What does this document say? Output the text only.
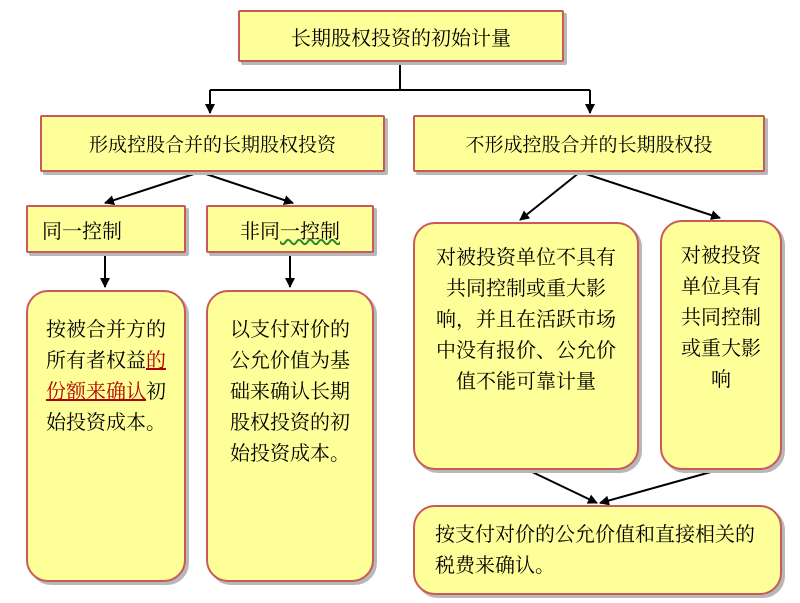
长期股权投资的初始计量
形成控股合并的长期股权投资	不形成控股合并的长期股权投
同一控制	非同一控制
按被合并方的所有者权益的份额来确认初始投资成本。
以支付对价的公允价值为基础来确认长期股权投资的初始投资成本。
对被投资单位不具有共同控制或重大影响，并且在活跃市场中没有报价、公允价值不能可靠计量
对被投资单位具有共同控制或重大影响
按支付对价的公允价值和直接相关的税费来确认。
